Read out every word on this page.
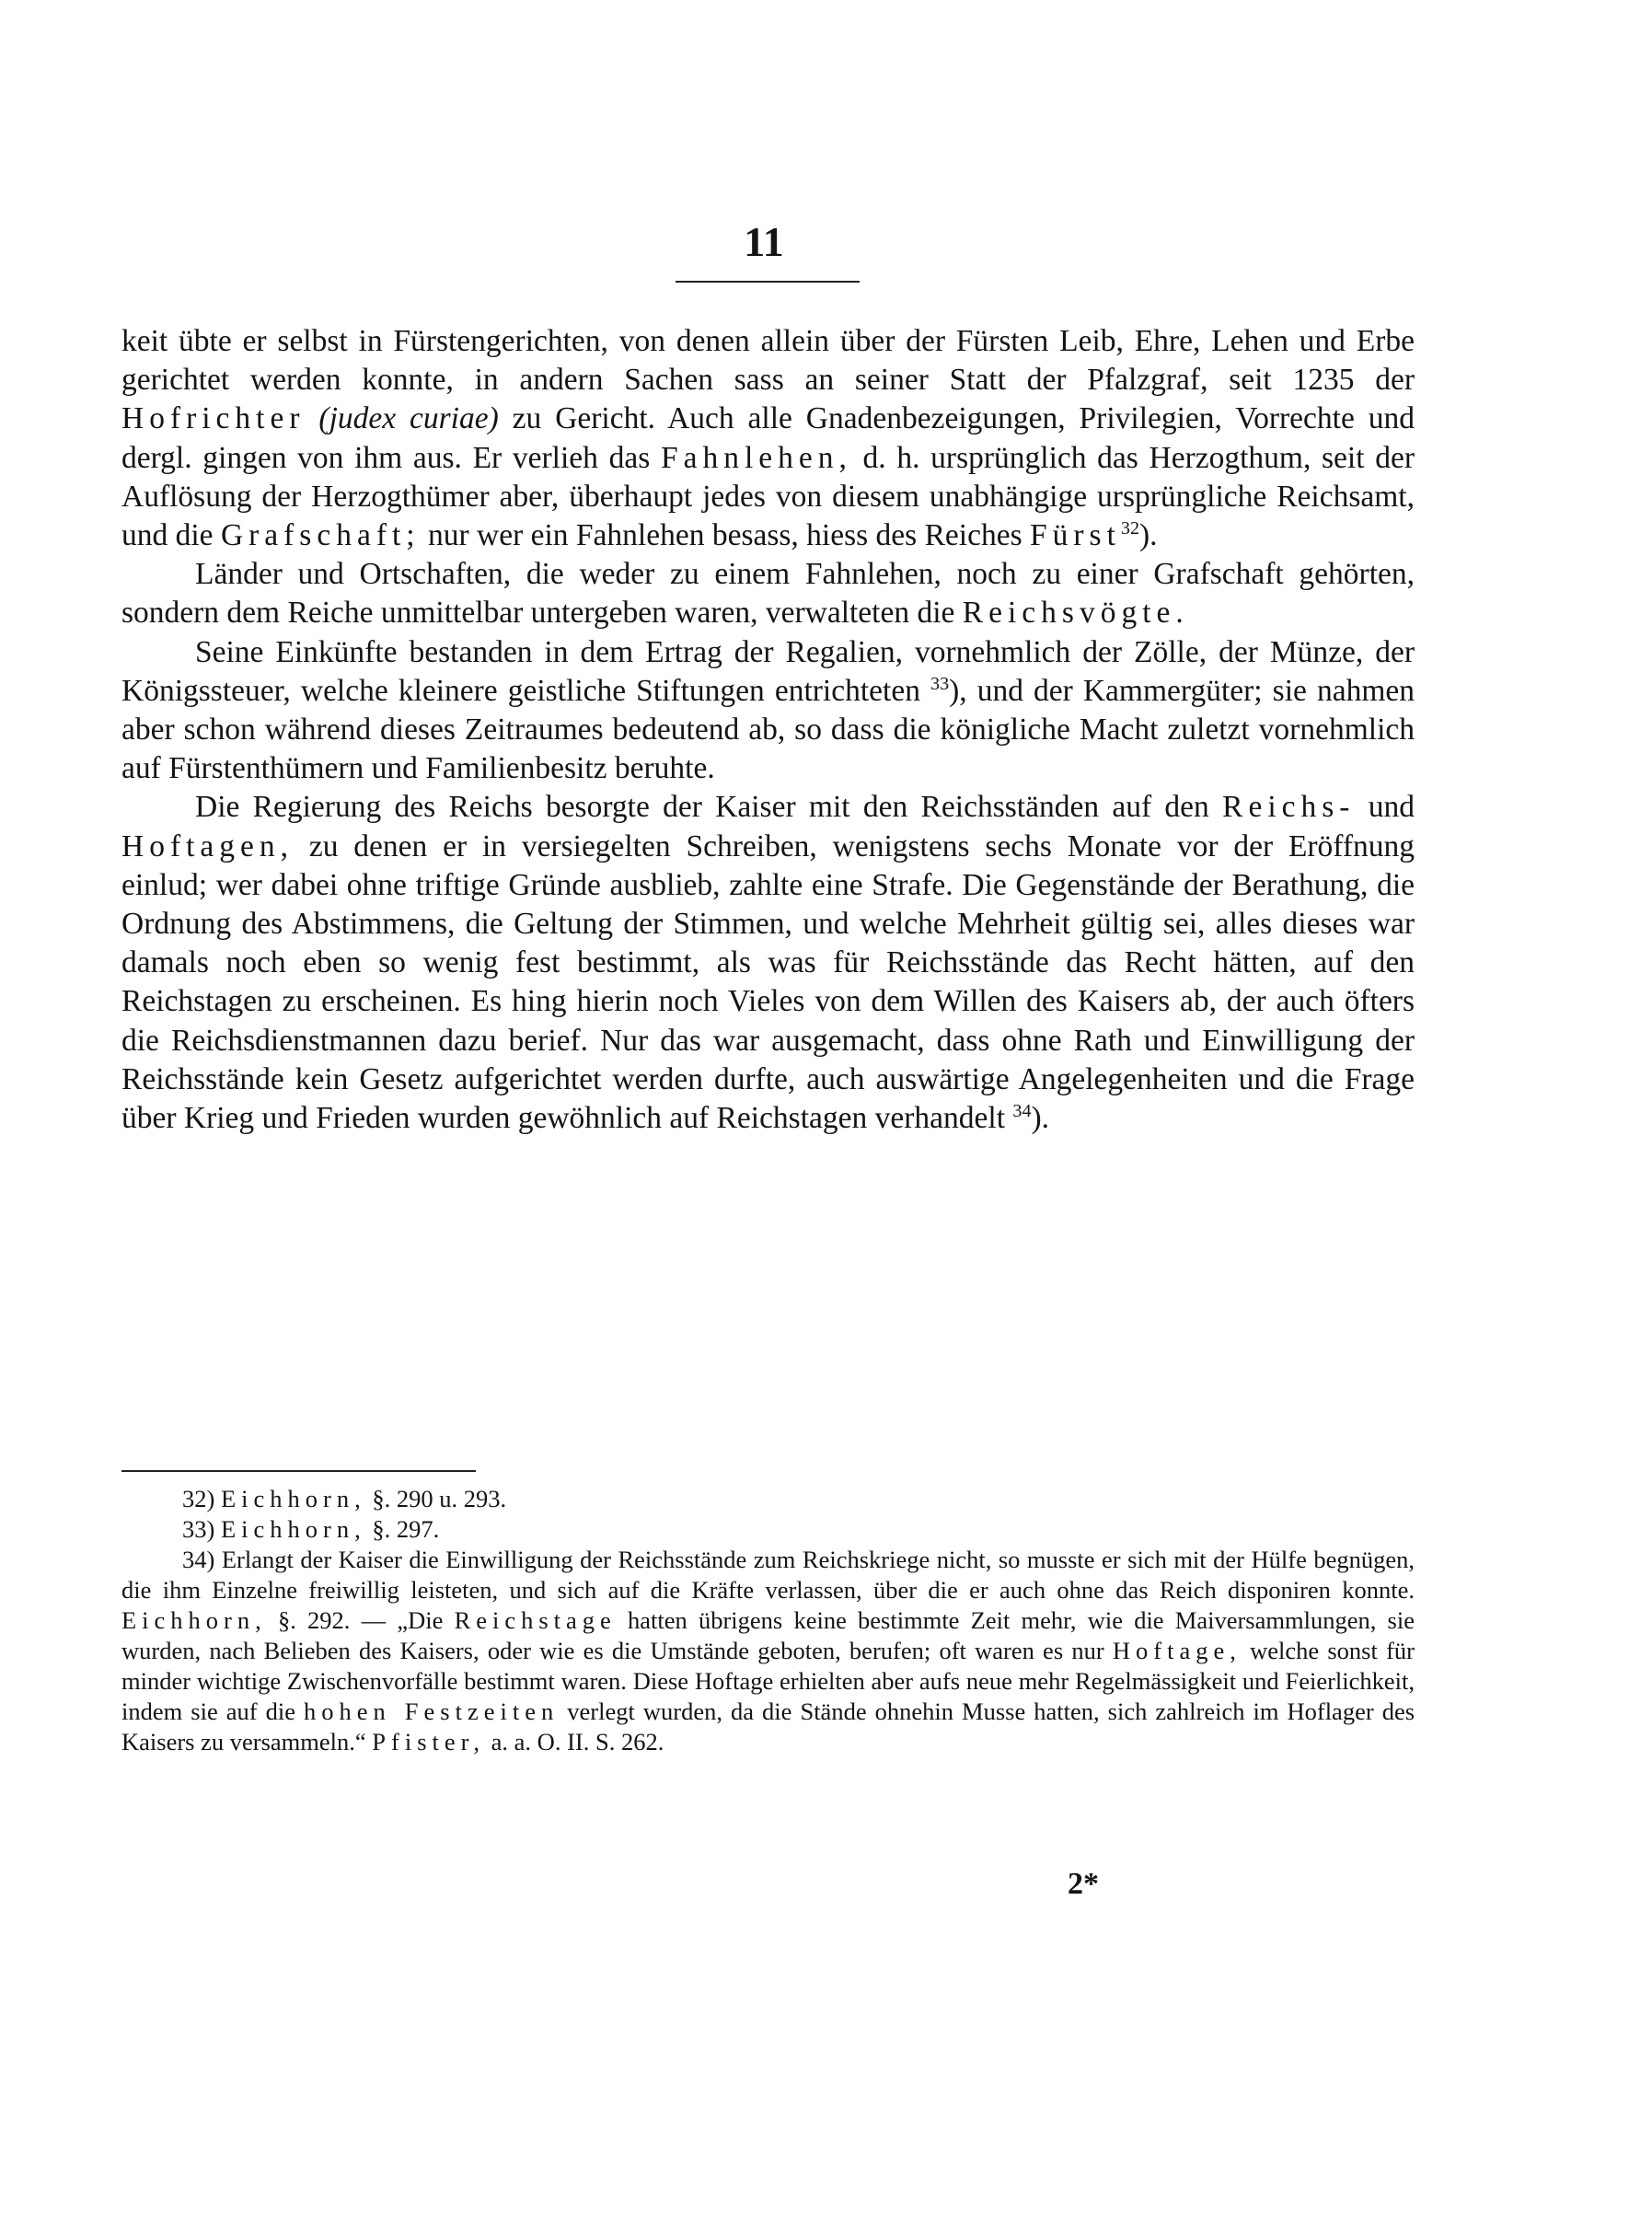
11

keit übte er selbst in Fürstengerichten, von denen allein über der Fürsten Leib, Ehre, Lehen und Erbe gerichtet werden konnte, in andern Sachen sass an seiner Statt der Pfalzgraf, seit 1235 der Hofrichter (judex curiae) zu Gericht. Auch alle Gnadenbezeigungen, Privilegien, Vorrechte und dergl. gingen von ihm aus. Er verlieh das Fahnlehen, d. h. ursprünglich das Herzogthum, seit der Auflösung der Herzogthümer aber, überhaupt jedes von diesem unabhängige ursprüngliche Reichsamt, und die Grafschaft; nur wer ein Fahnlehen besass, hiess des Reiches Fürst$^{32}$).

Länder und Ortschaften, die weder zu einem Fahnlehen, noch zu einer Grafschaft gehörten, sondern dem Reiche unmittelbar untergeben waren, verwalteten die Reichsvögte.

Seine Einkünfte bestanden in dem Ertrag der Regalien, vornehmlich der Zölle, der Münze, der Königssteuer, welche kleinere geistliche Stiftungen entrichteten $^{33}$), und der Kammergüter; sie nahmen aber schon während dieses Zeitraumes bedeutend ab, so dass die königliche Macht zuletzt vornehmlich auf Fürstenthümern und Familienbesitz beruhte.

Die Regierung des Reichs besorgte der Kaiser mit den Reichsständen auf den Reichs- und Hoftagen, zu denen er in versiegelten Schreiben, wenigstens sechs Monate vor der Eröffnung einlud; wer dabei ohne triftige Gründe ausblieb, zahlte eine Strafe. Die Gegenstände der Berathung, die Ordnung des Abstimmens, die Geltung der Stimmen, und welche Mehrheit gültig sei, alles dieses war damals noch eben so wenig fest bestimmt, als was für Reichsstände das Recht hätten, auf den Reichstagen zu erscheinen. Es hing hierin noch Vieles von dem Willen des Kaisers ab, der auch öfters die Reichsdienstmannen dazu berief. Nur das war ausgemacht, dass ohne Rath und Einwilligung der Reichsstände kein Gesetz aufgerichtet werden durfte, auch auswärtige Angelegenheiten und die Frage über Krieg und Frieden wurden gewöhnlich auf Reichstagen verhandelt $^{34}$).

32) Eichhorn, §. 290 u. 293.

33) Eichhorn, §. 297.

34) Erlangt der Kaiser die Einwilligung der Reichsstände zum Reichskriege nicht, so musste er sich mit der Hülfe begnügen, die ihm Einzelne freiwillig leisteten, und sich auf die Kräfte verlassen, über die er auch ohne das Reich disponiren konnte. Eichhorn, §. 292. — „Die Reichstage hatten übrigens keine bestimmte Zeit mehr, wie die Maiversammlungen, sie wurden, nach Belieben des Kaisers, oder wie es die Umstände geboten, berufen; oft waren es nur Hoftage, welche sonst für minder wichtige Zwischenvorfälle bestimmt waren. Diese Hoftage erhielten aber aufs neue mehr Regelmässigkeit und Feierlichkeit, indem sie auf die hohen Festzeiten verlegt wurden, da die Stände ohnehin Musse hatten, sich zahlreich im Hoflager des Kaisers zu versammeln.“ Pfister, a. a. O. II. S. 262.

2*
